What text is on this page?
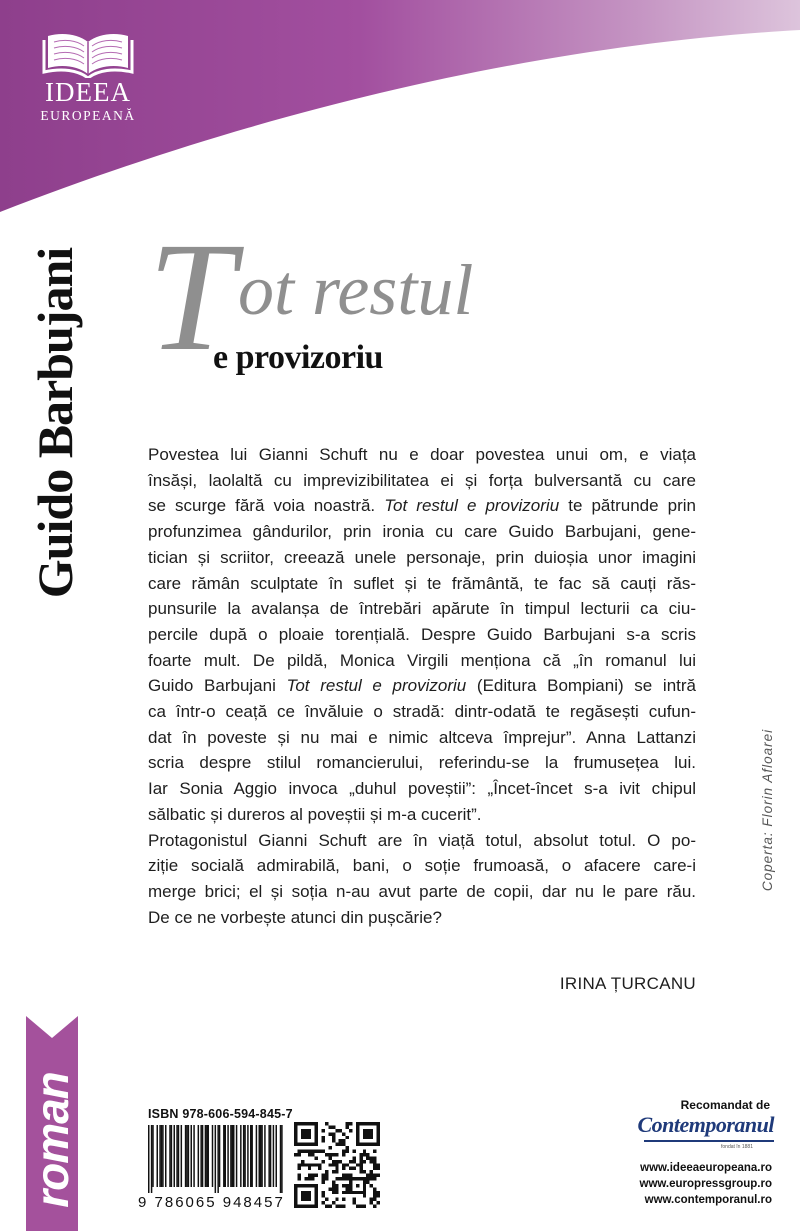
IDEEA
EUROPEANĂ
Guido Barbujani T ot restul
e provizoriu
Povestea lui Gianni Schuft nu e doar povestea unui om, e viața
însăși, laolaltă cu imprevizibilitatea ei și forța bulversantă cu care
se scurge fără voia noastră. Tot restul e provizoriu te pătrunde prin
profunzimea gândurilor, prin ironia cu care Guido Barbujani, gene-
tician și scriitor, creează unele personaje, prin duioșia unor imagini
care rămân sculptate în suflet și te frământă, te fac să cauți răs-
punsurile la avalanșa de întrebări apărute în timpul lecturii ca ciu-
percile după o ploaie torențială. Despre Guido Barbujani s-a scris
foarte mult. De pildă, Monica Virgili menționa că „în romanul lui
Guido Barbujani Tot restul e provizoriu (Editura Bompiani) se intră
ca într-o ceață ce învăluie o stradă: dintr-odată te regăsești cufun-
dat în poveste și nu mai e nimic altceva împrejur”. Anna Lattanzi
scria despre stilul romancierului, referindu-se la frumusețea lui.
Iar Sonia Aggio invoca „duhul poveștii”: „Încet-încet s-a ivit chipul
sălbatic și dureros al poveștii și m-a cucerit”.
Protagonistul Gianni Schuft are în viață totul, absolut totul. O po-
ziție socială admirabilă, bani, o soție frumoasă, o afacere care-i
merge brici; el și soția n-au avut parte de copii, dar nu le pare rău.
De ce ne vorbește atunci din pușcărie?
IRINA ȚURCANU
Coperta: Florin Afloarei
roman	ISBN 978-606-594-845-7
9 786065 948457
Recomandat de
Contemporanul
fondat în 1881
www.ideeaeuropeana.ro
www.europressgroup.ro
www.contemporanul.ro
